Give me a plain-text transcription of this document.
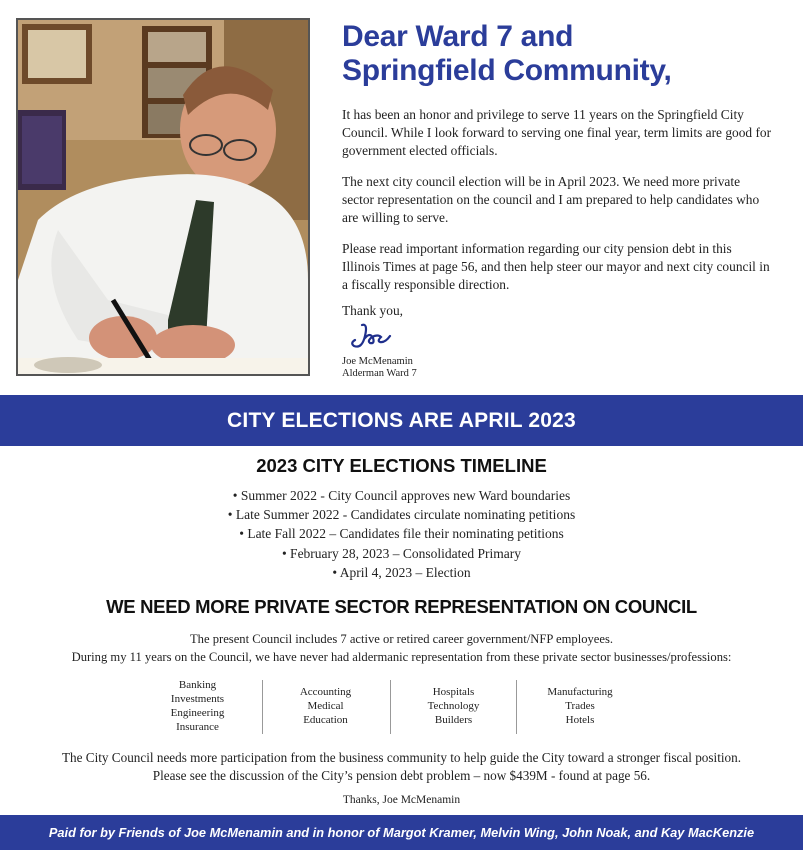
Dear Ward 7 and
Springfield Community,

It has been an honor and privilege to serve 11 years on the Springfield City Council. While I look forward to serving one final year, term limits are good for government elected officials.

The next city council election will be in April 2023. We need more private sector representation on the council and I am prepared to help candidates who are willing to serve.

Please read important information regarding our city pension debt in this Illinois Times at page 56, and then help steer our mayor and next city council in a fiscally responsible direction.

Thank you,
Joe McMenamin
Alderman Ward 7
CITY ELECTIONS ARE APRIL 2023
2023 CITY ELECTIONS TIMELINE
• Summer 2022 - City Council approves new Ward boundaries
• Late Summer 2022 - Candidates circulate nominating petitions
• Late Fall 2022 – Candidates file their nominating petitions
• February 28, 2023 – Consolidated Primary
• April 4, 2023 – Election
WE NEED MORE PRIVATE SECTOR REPRESENTATION ON COUNCIL
The present Council includes 7 active or retired career government/NFP employees.
During my 11 years on the Council, we have never had aldermanic representation from these private sector businesses/professions:
Banking
Investments
Engineering
Insurance
Accounting
Medical
Education
Hospitals
Technology
Builders
Manufacturing
Trades
Hotels
The City Council needs more participation from the business community to help guide the City toward a stronger fiscal position.
Please see the discussion of the City’s pension debt problem – now $439M - found at page 56.
Thanks, Joe McMenamin
Paid for by Friends of Joe McMenamin and in honor of Margot Kramer, Melvin Wing, John Noak, and Kay MacKenzie
